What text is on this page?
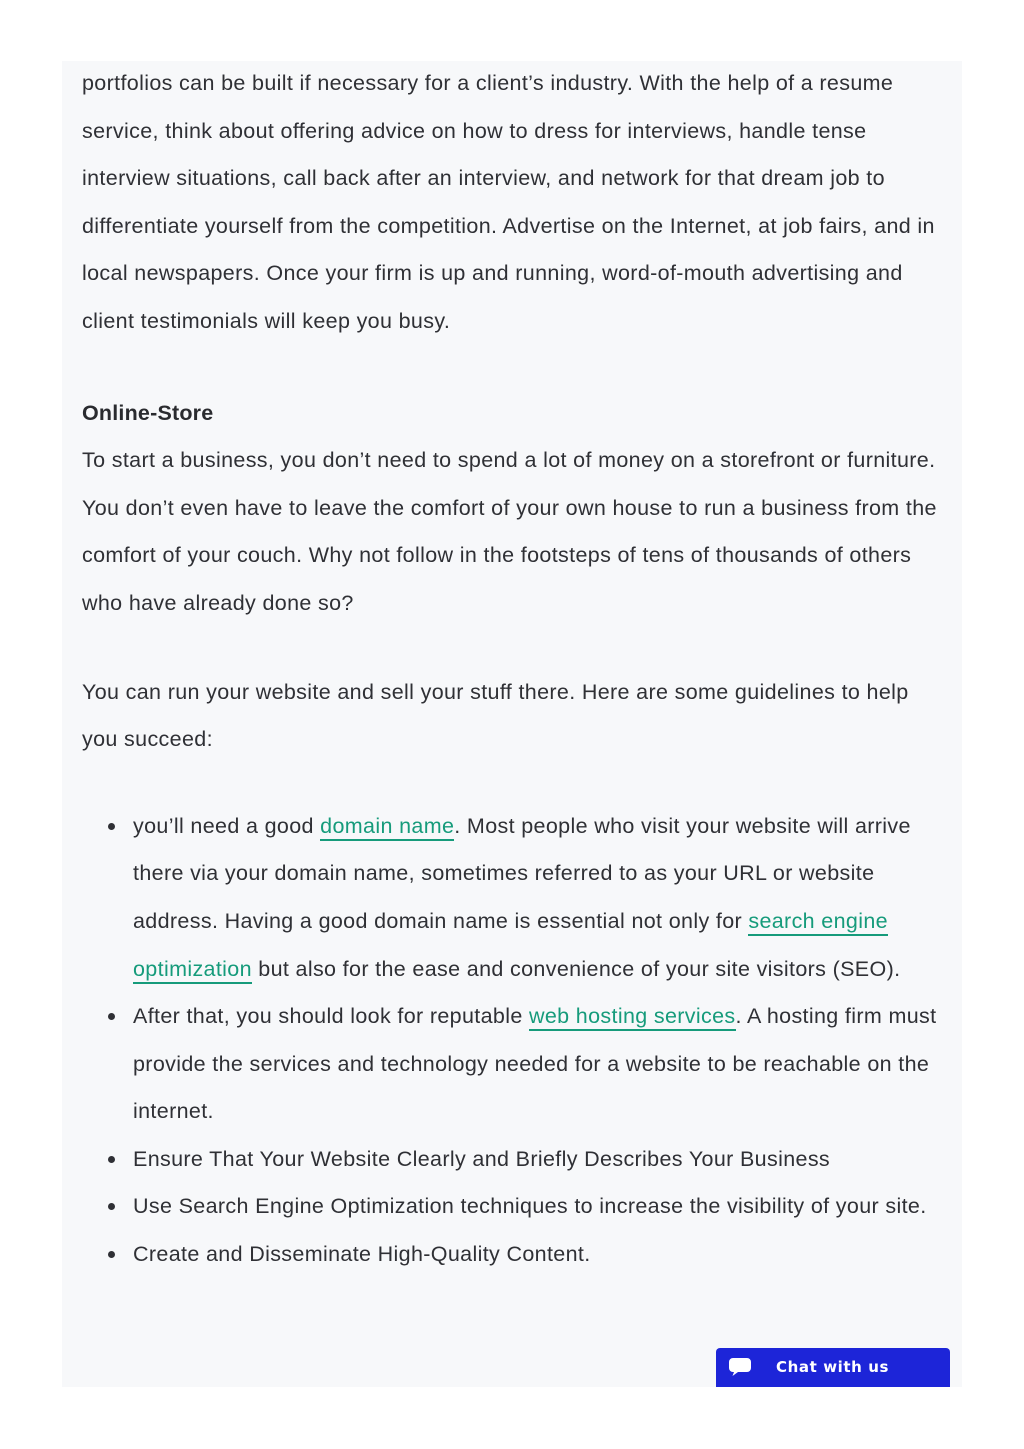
portfolios can be built if necessary for a client’s industry. With the help of a resume service, think about offering advice on how to dress for interviews, handle tense interview situations, call back after an interview, and network for that dream job to differentiate yourself from the competition. Advertise on the Internet, at job fairs, and in local newspapers. Once your firm is up and running, word-of-mouth advertising and client testimonials will keep you busy.

Online-Store

To start a business, you don’t need to spend a lot of money on a storefront or furniture. You don’t even have to leave the comfort of your own house to run a business from the comfort of your couch. Why not follow in the footsteps of tens of thousands of others who have already done so?

You can run your website and sell your stuff there. Here are some guidelines to help you succeed:

you’ll need a good domain name. Most people who visit your website will arrive there via your domain name, sometimes referred to as your URL or website address. Having a good domain name is essential not only for search engine optimization but also for the ease and convenience of your site visitors (SEO).
After that, you should look for reputable web hosting services. A hosting firm must provide the services and technology needed for a website to be reachable on the internet.
Ensure That Your Website Clearly and Briefly Describes Your Business
Use Search Engine Optimization techniques to increase the visibility of your site.
Create and Disseminate High-Quality Content.
Chat with us
